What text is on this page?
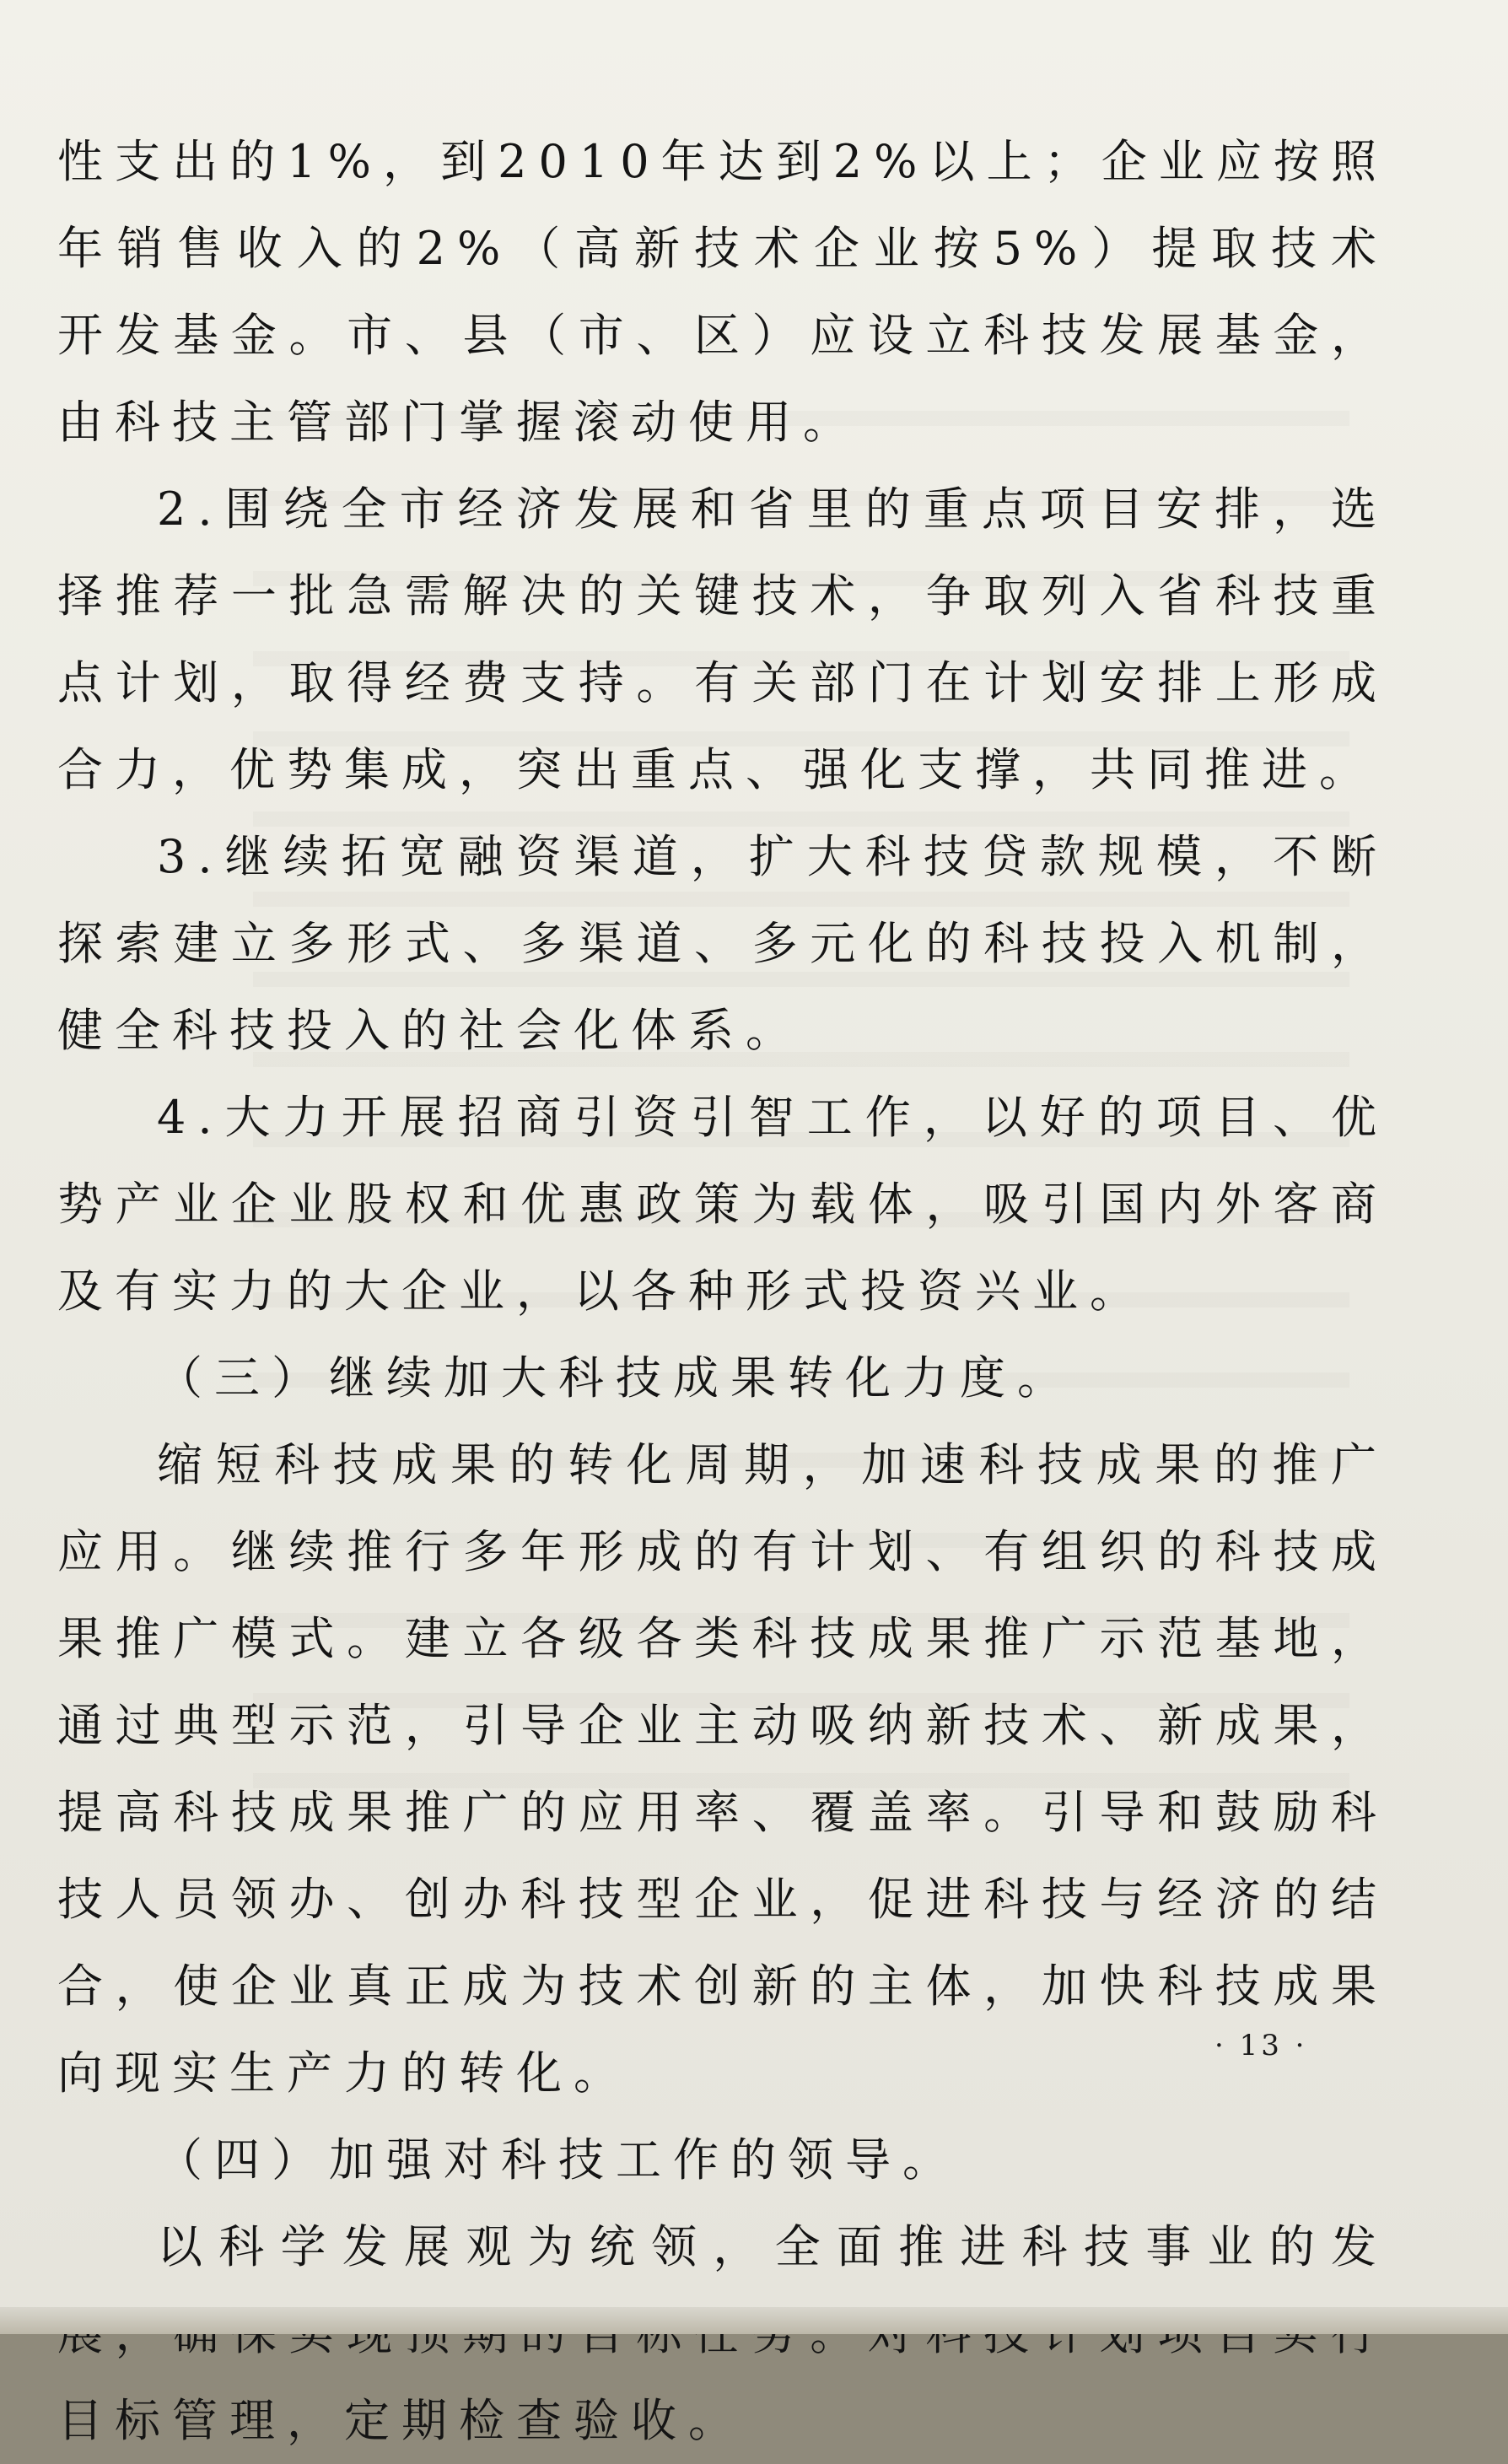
性支出的1%，到2010年达到2%以上；企业应按照年销售收入的2%（高新技术企业按5%）提取技术开发基金。市、县（市、区）应设立科技发展基金，由科技主管部门掌握滚动使用。

2.围绕全市经济发展和省里的重点项目安排，选择推荐一批急需解决的关键技术，争取列入省科技重点计划，取得经费支持。有关部门在计划安排上形成合力，优势集成，突出重点、强化支撑，共同推进。

3.继续拓宽融资渠道，扩大科技贷款规模，不断探索建立多形式、多渠道、多元化的科技投入机制，健全科技投入的社会化体系。

4.大力开展招商引资引智工作，以好的项目、优势产业企业股权和优惠政策为载体，吸引国内外客商及有实力的大企业，以各种形式投资兴业。

（三）继续加大科技成果转化力度。

缩短科技成果的转化周期，加速科技成果的推广应用。继续推行多年形成的有计划、有组织的科技成果推广模式。建立各级各类科技成果推广示范基地，通过典型示范，引导企业主动吸纳新技术、新成果，提高科技成果推广的应用率、覆盖率。引导和鼓励科技人员领办、创办科技型企业，促进科技与经济的结合，使企业真正成为技术创新的主体，加快科技成果向现实生产力的转化。

（四）加强对科技工作的领导。

以科学发展观为统领，全面推进科技事业的发 目标管理，定期检查验收。

· 13 ·
